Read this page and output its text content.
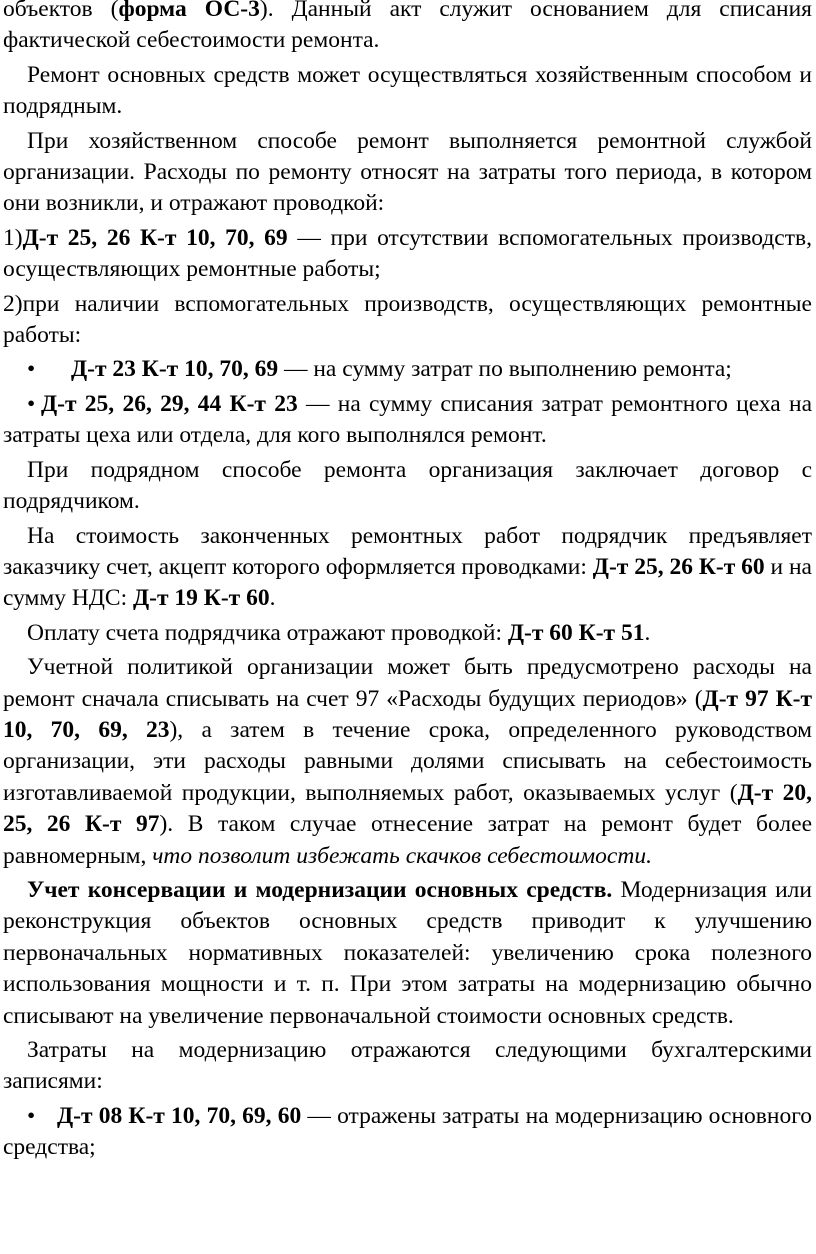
объектов (форма ОС-3). Данный акт служит основанием для списания фактической себестоимости ремонта.

Ремонт основных средств может осуществляться хозяйственным способом и подрядным.

При хозяйственном способе ремонт выполняется ремонтной службой организации. Расходы по ремонту относят на затраты того периода, в котором они возникли, и отражают проводкой:

1)Д-т 25, 26 К-т 10, 70, 69 — при отсутствии вспомогательных производств, осуществляющих ремонтные работы;

2)при наличии вспомогательных производств, осуществляющих ремонтные работы:

• Д-т 23 К-т 10, 70, 69 — на сумму затрат по выполнению ремонта;

• Д-т 25, 26, 29, 44 К-т 23 — на сумму списания затрат ремонтного цеха на затраты цеха или отдела, для кого выполнялся ремонт.

При подрядном способе ремонта организация заключает договор с подрядчиком.

На стоимость законченных ремонтных работ подрядчик предъявляет заказчику счет, акцепт которого оформляется проводками: Д-т 25, 26 К-т 60 и на сумму НДС: Д-т 19 К-т 60.

Оплату счета подрядчика отражают проводкой: Д-т 60 К-т 51.

Учетной политикой организации может быть предусмотрено расходы на ремонт сначала списывать на счет 97 «Расходы будущих периодов» (Д-т 97 К-т 10, 70, 69, 23), а затем в течение срока, определенного руководством организации, эти расходы равными долями списывать на себестоимость изготавливаемой продукции, выполняемых работ, оказываемых услуг (Д-т 20, 25, 26 К-т 97). В таком случае отнесение затрат на ремонт будет более равномерным, что позволит избежать скачков себестоимости.

Учет консервации и модернизации основных средств. Модернизация или реконструкция объектов основных средств приводит к улучшению первоначальных нормативных показателей: увеличению срока полезного использования мощности и т. п. При этом затраты на модернизацию обычно списывают на увеличение первоначальной стоимости основных средств.

Затраты на модернизацию отражаются следующими бухгалтерскими записями:

• Д-т 08 К-т 10, 70, 69, 60 — отражены затраты на модернизацию основного средства;
